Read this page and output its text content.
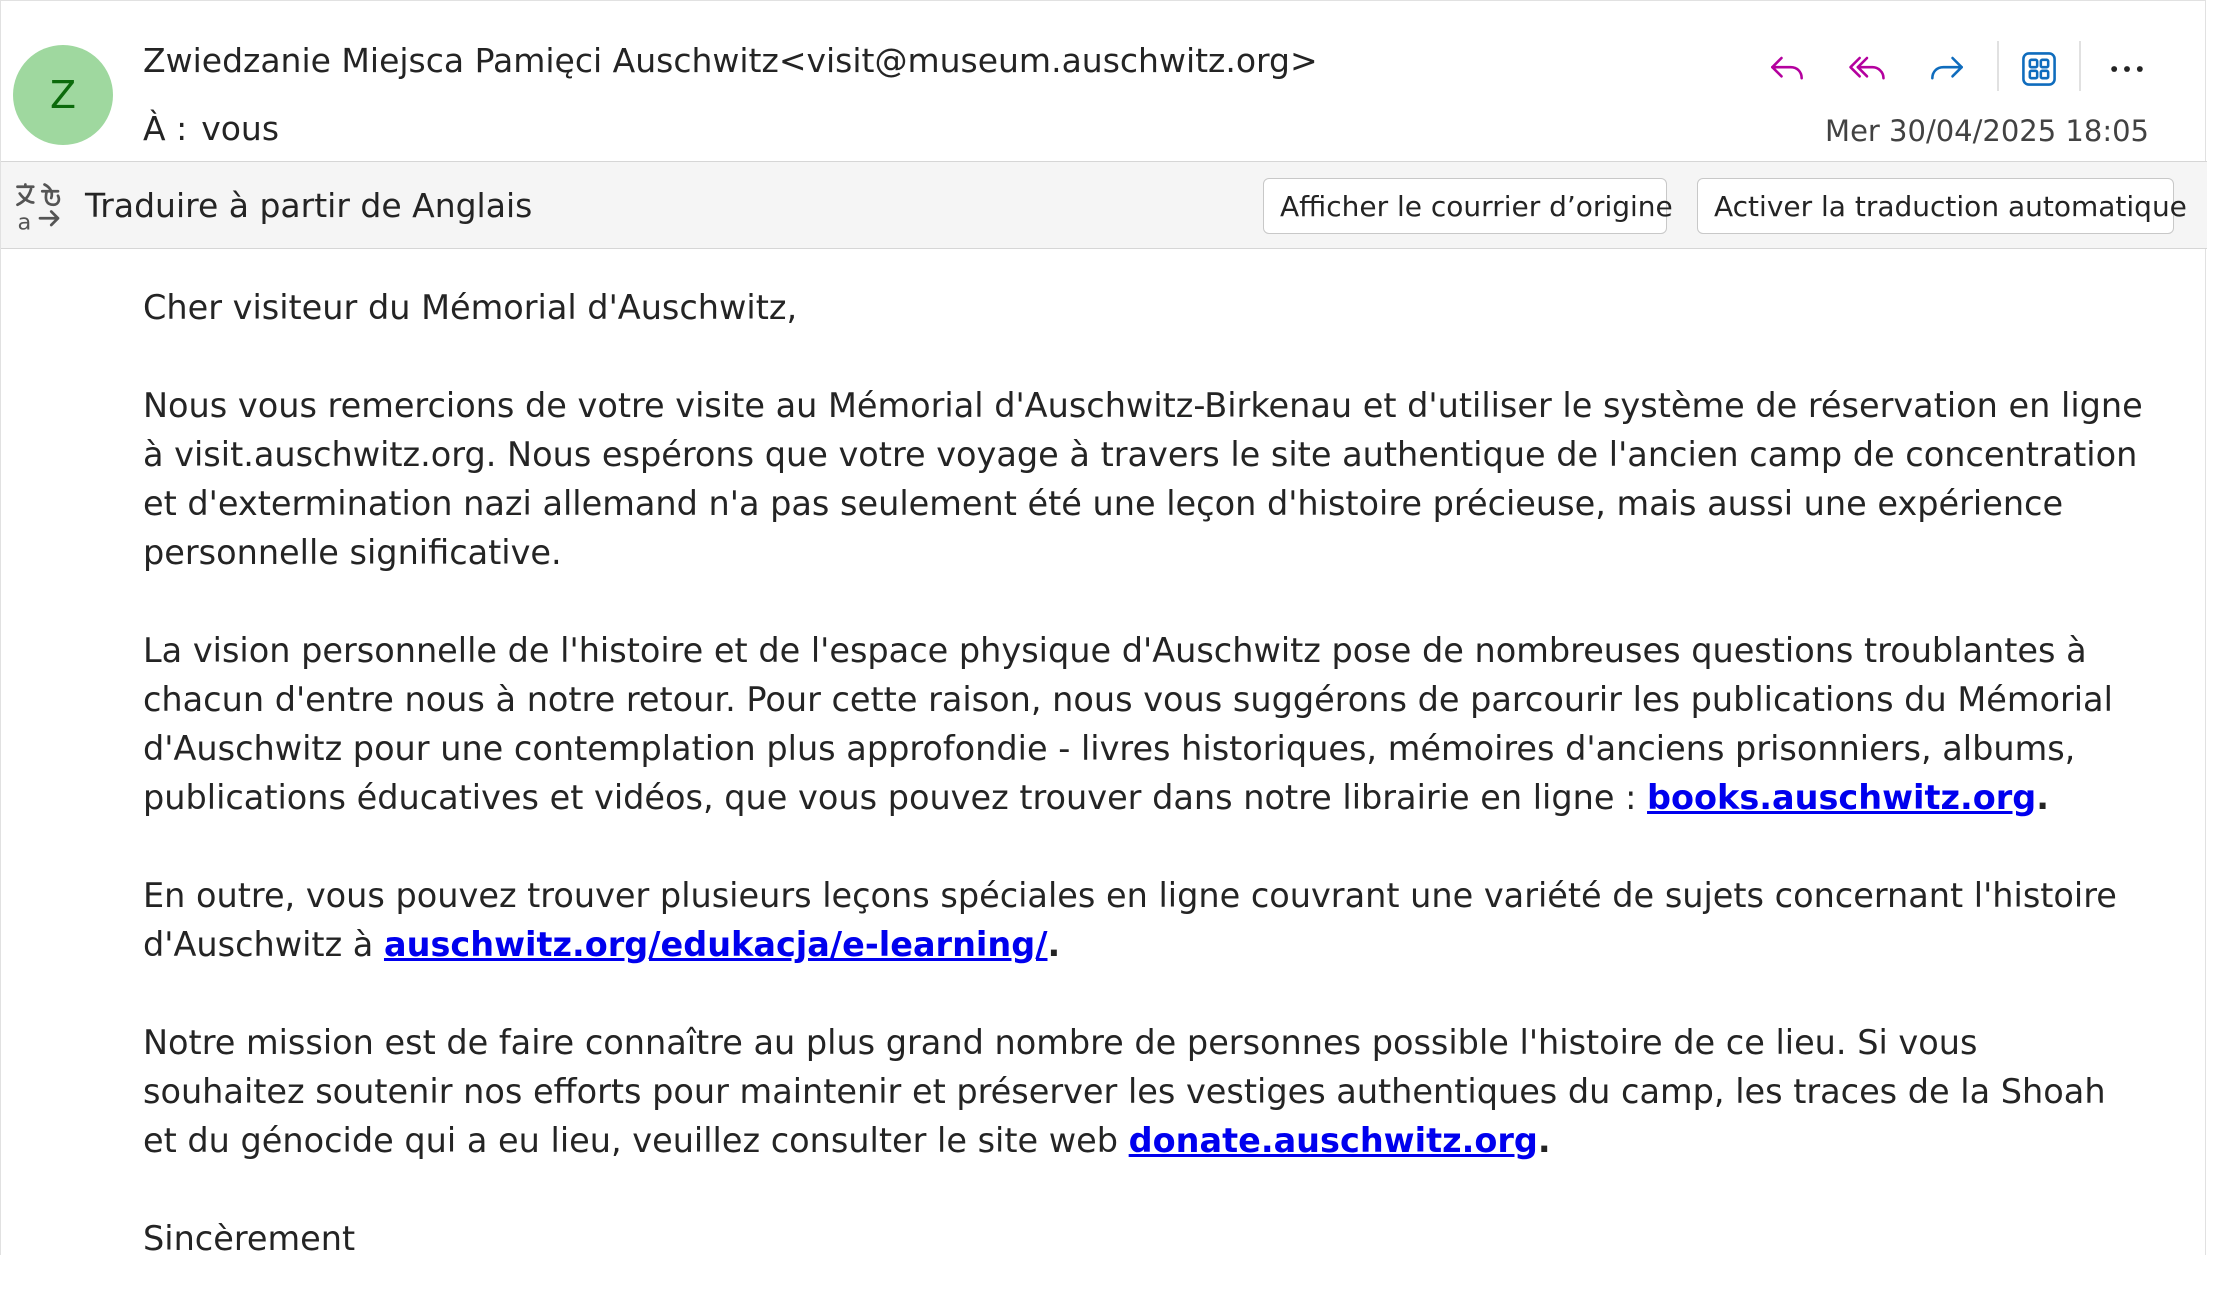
Z
Zwiedzanie Miejsca Pamięci Auschwitz<visit@museum.auschwitz.org>
À : vous	Mer 30/04/2025 18:05
a Traduire à partir de Anglais	Afficher le courrier d’origine	Activer la traduction automatique

Cher visiteur du Mémorial d'Auschwitz,

Nous vous remercions de votre visite au Mémorial d'Auschwitz-Birkenau et d'utiliser le système de réservation en ligne à visit.auschwitz.org. Nous espérons que votre voyage à travers le site authentique de l'ancien camp de concentration et d'extermination nazi allemand n'a pas seulement été une leçon d'histoire précieuse, mais aussi une expérience personnelle significative.

La vision personnelle de l'histoire et de l'espace physique d'Auschwitz pose de nombreuses questions troublantes à chacun d'entre nous à notre retour. Pour cette raison, nous vous suggérons de parcourir les publications du Mémorial d'Auschwitz pour une contemplation plus approfondie - livres historiques, mémoires d'anciens prisonniers, albums, publications éducatives et vidéos, que vous pouvez trouver dans notre librairie en ligne : books.auschwitz.org.

En outre, vous pouvez trouver plusieurs leçons spéciales en ligne couvrant une variété de sujets concernant l'histoire d'Auschwitz à auschwitz.org/edukacja/e-learning/.

Notre mission est de faire connaître au plus grand nombre de personnes possible l'histoire de ce lieu. Si vous souhaitez soutenir nos efforts pour maintenir et préserver les vestiges authentiques du camp, les traces de la Shoah et du génocide qui a eu lieu, veuillez consulter le site web donate.auschwitz.org.

Sincèrement
